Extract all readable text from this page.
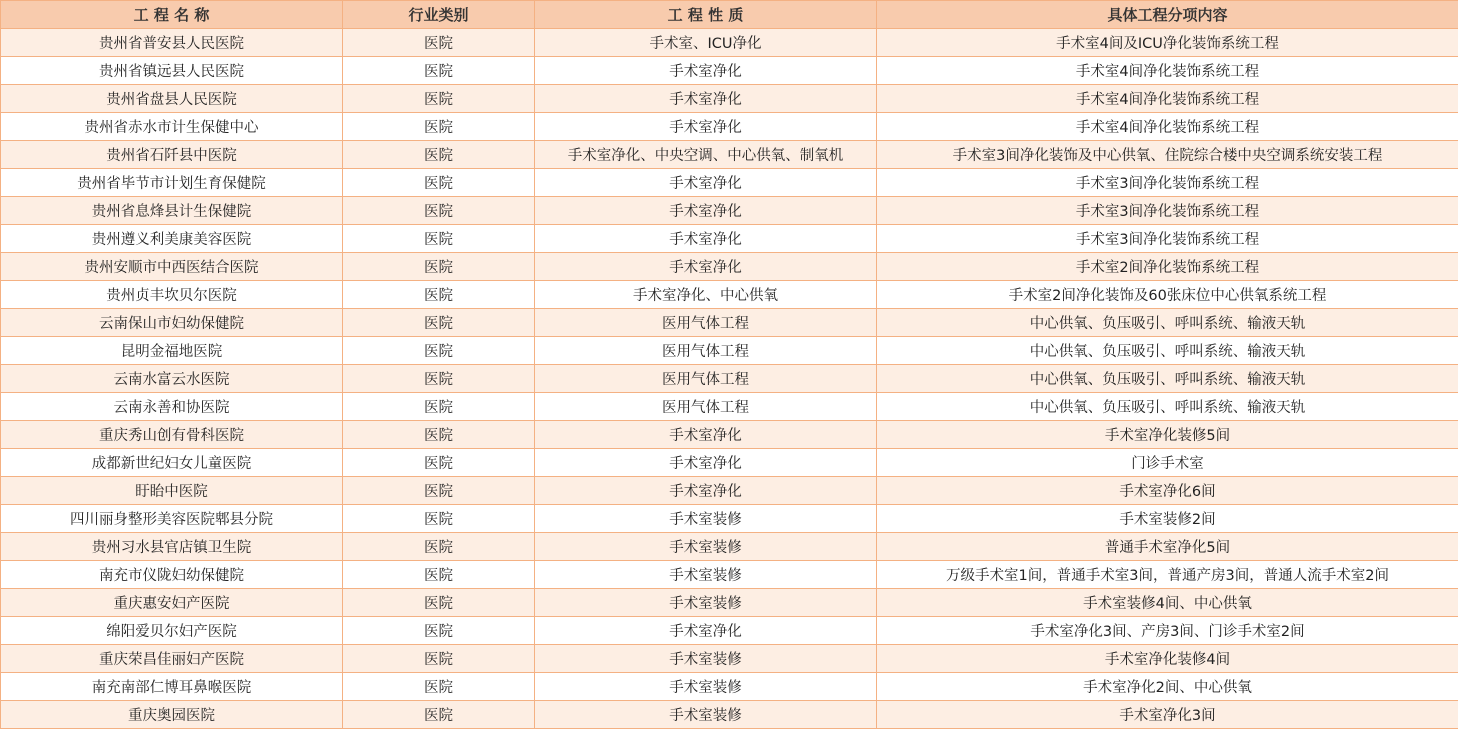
工 程 名 称	行业类别	工 程 性 质	具体工程分项内容
贵州省普安县人民医院	医院	手术室、ICU净化	手术室4间及ICU净化装饰系统工程
贵州省镇远县人民医院	医院	手术室净化	手术室4间净化装饰系统工程
贵州省盘县人民医院	医院	手术室净化	手术室4间净化装饰系统工程
贵州省赤水市计生保健中心	医院	手术室净化	手术室4间净化装饰系统工程
贵州省石阡县中医院	医院	手术室净化、中央空调、中心供氧、制氧机	手术室3间净化装饰及中心供氧、住院综合楼中央空调系统安装工程
贵州省毕节市计划生育保健院	医院	手术室净化	手术室3间净化装饰系统工程
贵州省息烽县计生保健院	医院	手术室净化	手术室3间净化装饰系统工程
贵州遵义利美康美容医院	医院	手术室净化	手术室3间净化装饰系统工程
贵州安顺市中西医结合医院	医院	手术室净化	手术室2间净化装饰系统工程
贵州贞丰坎贝尔医院	医院	手术室净化、中心供氧	手术室2间净化装饰及60张床位中心供氧系统工程
云南保山市妇幼保健院	医院	医用气体工程	中心供氧、负压吸引、呼叫系统、输液天轨
昆明金福地医院	医院	医用气体工程	中心供氧、负压吸引、呼叫系统、输液天轨
云南水富云水医院	医院	医用气体工程	中心供氧、负压吸引、呼叫系统、输液天轨
云南永善和协医院	医院	医用气体工程	中心供氧、负压吸引、呼叫系统、输液天轨
重庆秀山创有骨科医院	医院	手术室净化	手术室净化装修5间
成都新世纪妇女儿童医院	医院	手术室净化	门诊手术室
盱眙中医院	医院	手术室净化	手术室净化6间
四川丽身整形美容医院郫县分院	医院	手术室装修	手术室装修2间
贵州习水县官店镇卫生院	医院	手术室装修	普通手术室净化5间
南充市仪陇妇幼保健院	医院	手术室装修	万级手术室1间，普通手术室3间，普通产房3间，普通人流手术室2间
重庆惠安妇产医院	医院	手术室装修	手术室装修4间、中心供氧
绵阳爱贝尔妇产医院	医院	手术室净化	手术室净化3间、产房3间、门诊手术室2间
重庆荣昌佳丽妇产医院	医院	手术室装修	手术室净化装修4间
南充南部仁博耳鼻喉医院	医院	手术室装修	手术室净化2间、中心供氧
重庆奥园医院	医院	手术室装修	手术室净化3间
